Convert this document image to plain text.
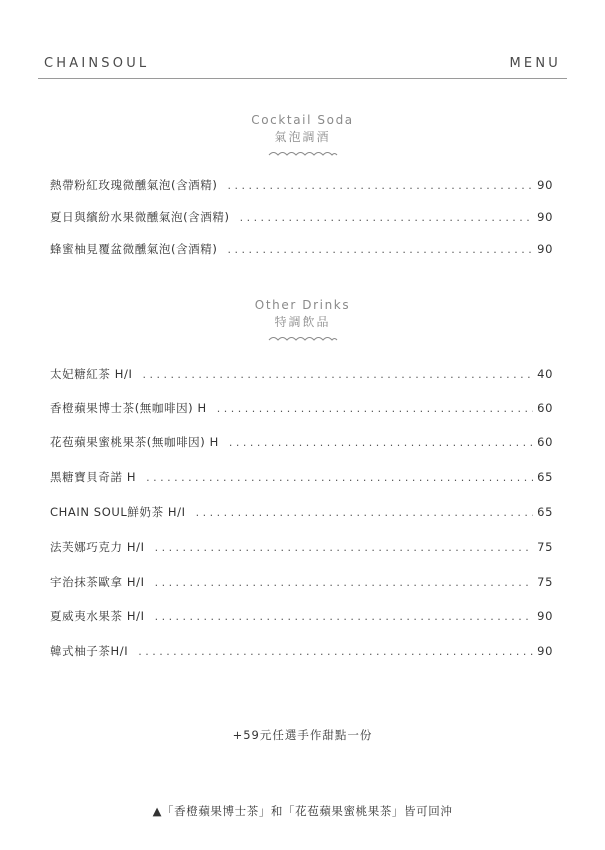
CHAINSOUL	MENU
Cocktail Soda
氣泡調酒
熱帶粉紅玫瑰微醺氣泡(含酒精) . . .	90
夏日與繽紛水果微醺氣泡(含酒精) . . .	90
蜂蜜柚見覆盆微醺氣泡(含酒精) . . .	90
Other Drinks
特調飲品
太妃糖紅茶 H/I . . .	40
香橙蘋果博士茶(無咖啡因) H . . .	60
花苞蘋果蜜桃果茶(無咖啡因) H . . .	60
黑糖寶貝奇諾 H . . .	65
CHAIN SOUL鮮奶茶 H/I . . .	65
法芙娜巧克力 H/I . . .	75
宇治抹茶歐拿 H/I . . .	75
夏威夷水果茶 H/I . . .	90
韓式柚子茶H/I . . .	90
+59元任選手作甜點一份
▲「香橙蘋果博士茶」和「花苞蘋果蜜桃果茶」皆可回沖
